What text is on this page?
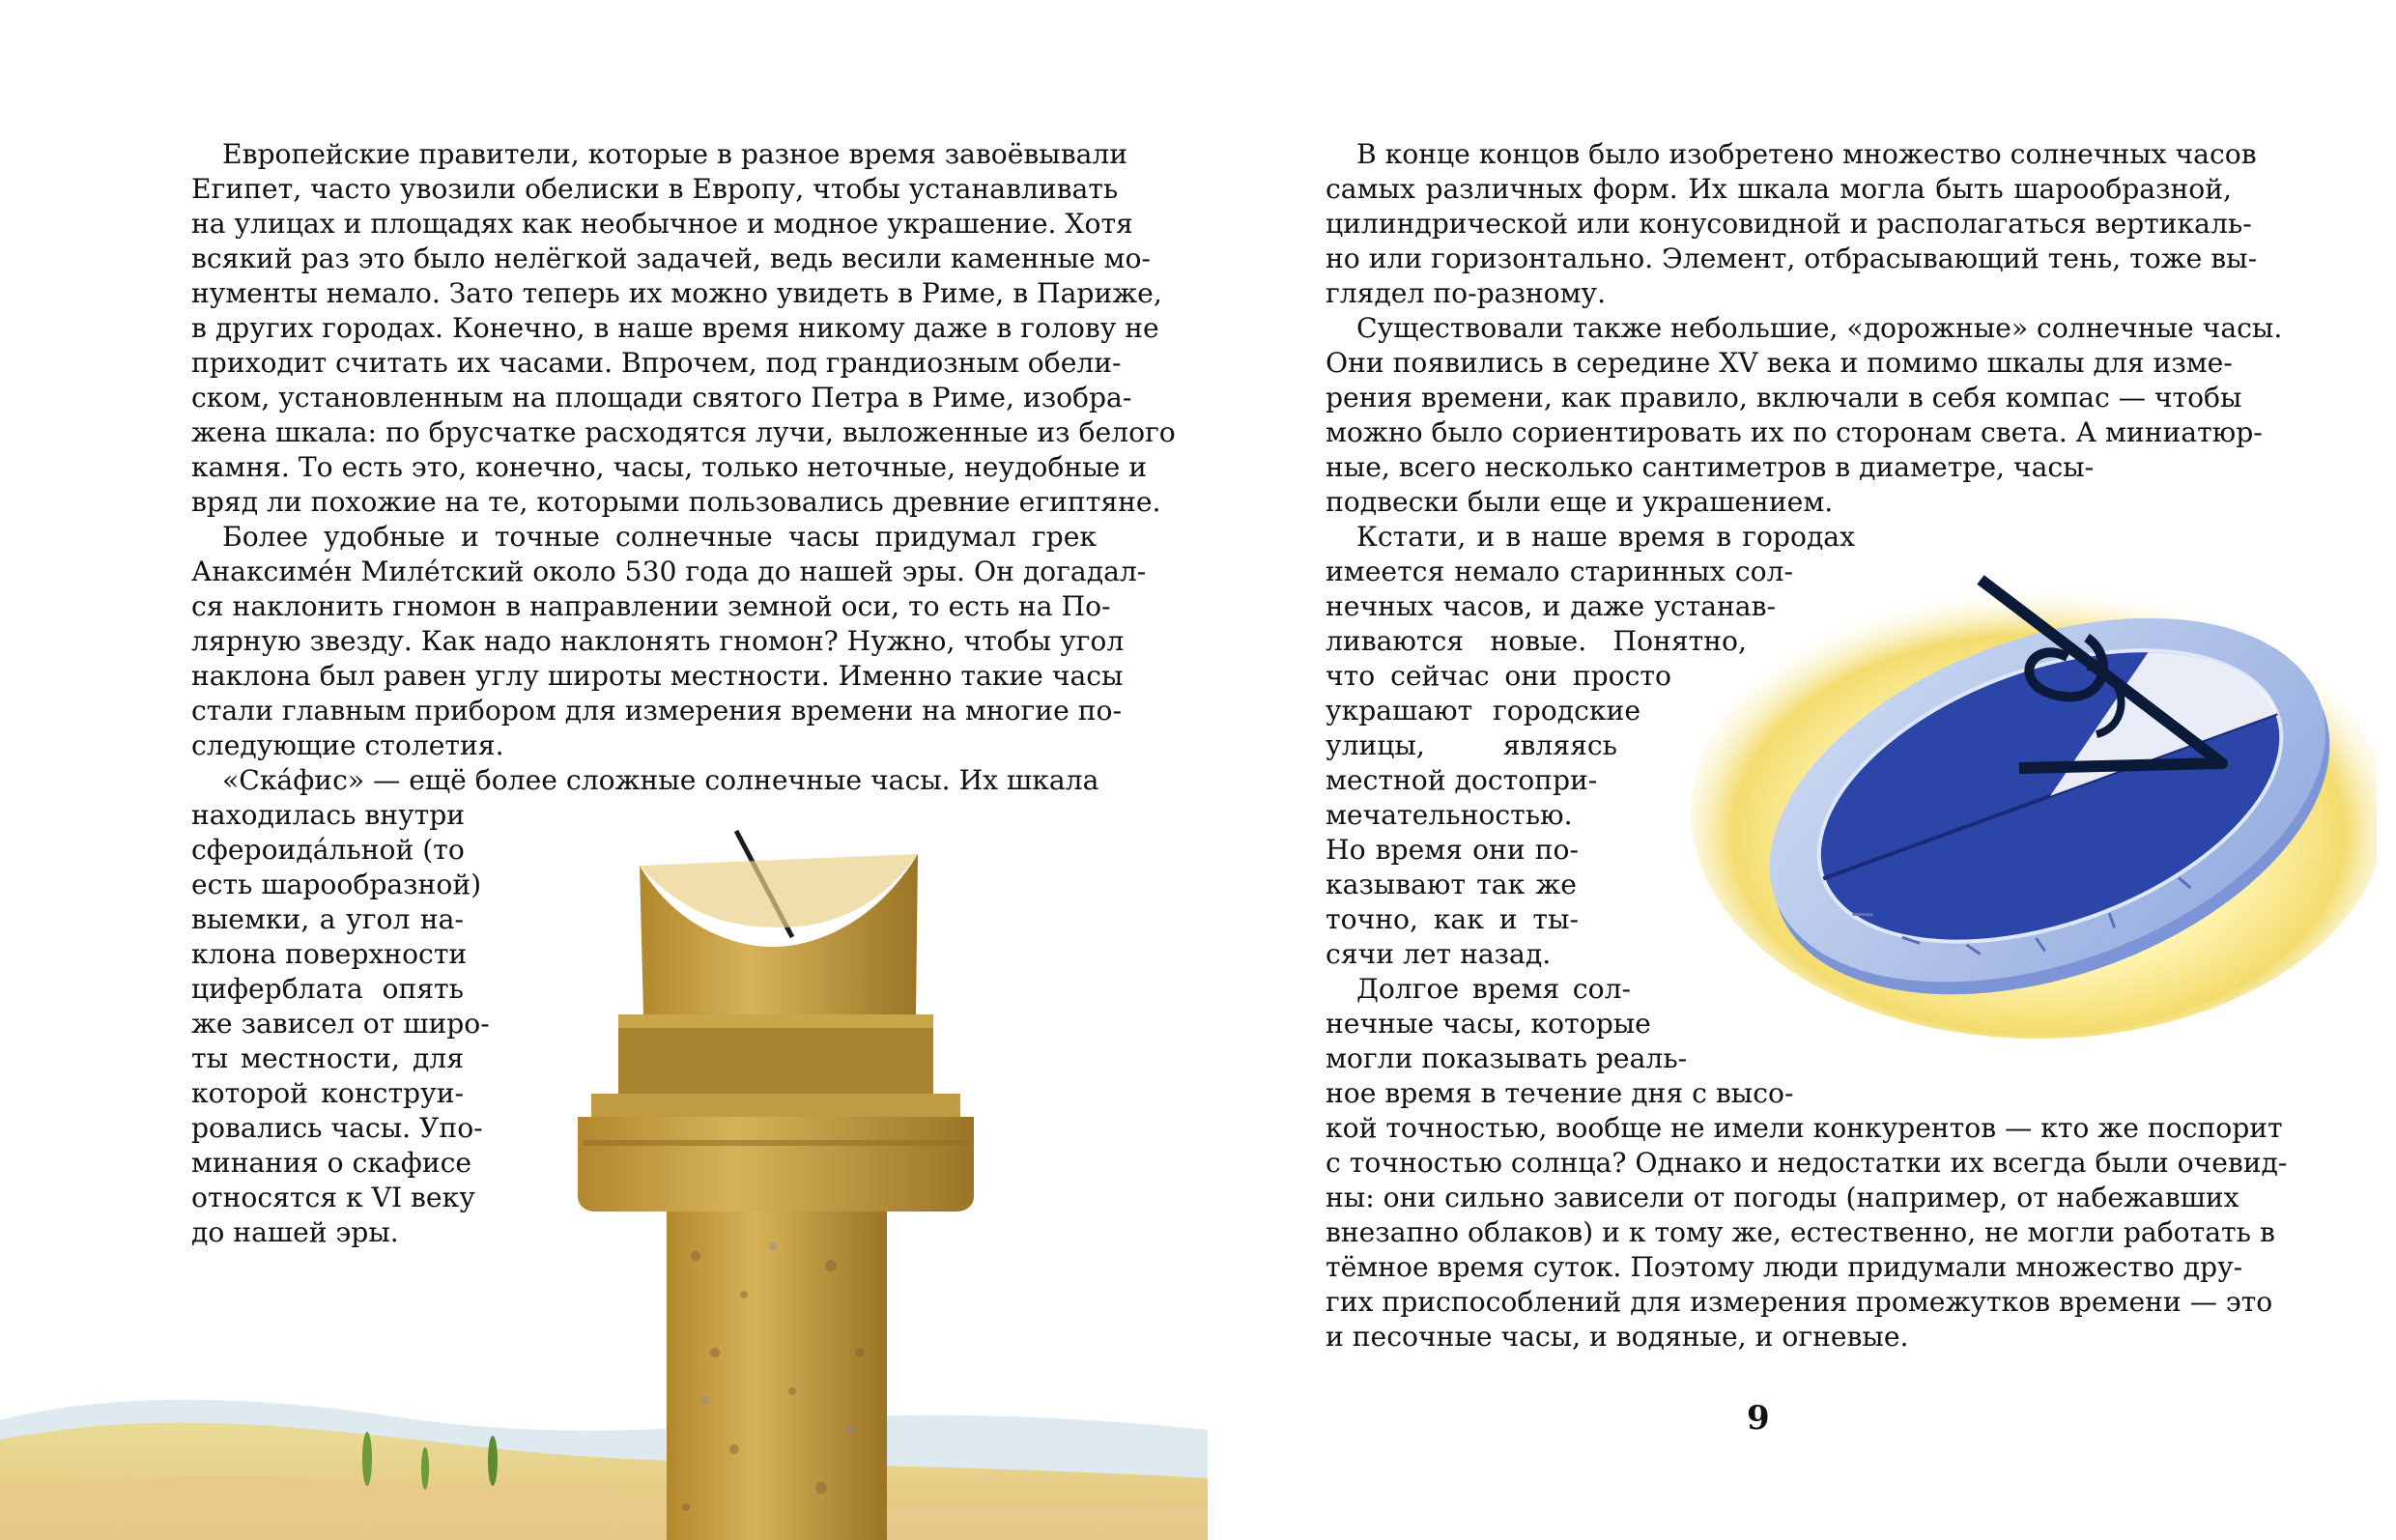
Европейские правители, которые в разное время завоёвывали

Египет, часто увозили обелиски в Европу, чтобы устанавливать

на улицах и площадях как необычное и модное украшение. Хотя

всякий раз это было нелёгкой задачей, ведь весили каменные мо-

нументы немало. Зато теперь их можно увидеть в Риме, в Париже,

в других городах. Конечно, в наше время никому даже в голову не

приходит считать их часами. Впрочем, под грандиозным обели-

ском, установленным на площади святого Петра в Риме, изобра-

жена шкала: по брусчатке расходятся лучи, выложенные из белого

камня. То есть это, конечно, часы, только неточные, неудобные и

вряд ли похожие на те, которыми пользовались древние египтяне.

Более удобные и точные солнечные часы придумал грек

Анаксимéн Милéтский около 530 года до нашей эры. Он догадал-

ся наклонить гномон в направлении земной оси, то есть на По-

лярную звезду. Как надо наклонять гномон? Нужно, чтобы угол

наклона был равен углу широты местности. Именно такие часы

стали главным прибором для измерения времени на многие по-

следующие столетия.

«Скáфис» — ещё более сложные солнечные часы. Их шкала

находилась внутри

сфероидáльной (то

есть шарообразной)

выемки, а угол на-

клона поверхности

циферблата опять

же зависел от широ-

ты местности, для

которой конструи-

ровались часы. Упо-

минания о скафисе

относятся к VI веку

до нашей эры.

В конце концов было изобретено множество солнечных часов

самых различных форм. Их шкала могла быть шарообразной,

цилиндрической или конусовидной и располагаться вертикаль-

но или горизонтально. Элемент, отбрасывающий тень, тоже вы-

глядел по-разному.

Существовали также небольшие, «дорожные» солнечные часы.

Они появились в середине XV века и помимо шкалы для изме-

рения времени, как правило, включали в себя компас — чтобы

можно было сориентировать их по сторонам света. А миниатюр-

ные, всего несколько сантиметров в диаметре, часы-

подвески были еще и украшением.

Кстати, и в наше время в городах

имеется немало старинных сол-

нечных часов, и даже устанав-

ливаются новые. Понятно,

что сейчас они просто

украшают городские

улицы, являясь

местной достопри-

мечательностью.

Но время они по-

казывают так же

точно, как и ты-

сячи лет назад.

Долгое время сол-

нечные часы, которые

могли показывать реаль-

ное время в течение дня с высо-

кой точностью, вообще не имели конкурентов — кто же поспорит

с точностью солнца? Однако и недостатки их всегда были очевид-

ны: они сильно зависели от погоды (например, от набежавших

внезапно облаков) и к тому же, естественно, не могли работать в

тёмное время суток. Поэтому люди придумали множество дру-

гих приспособлений для измерения промежутков времени — это

и песочные часы, и водяные, и огневые.

9
